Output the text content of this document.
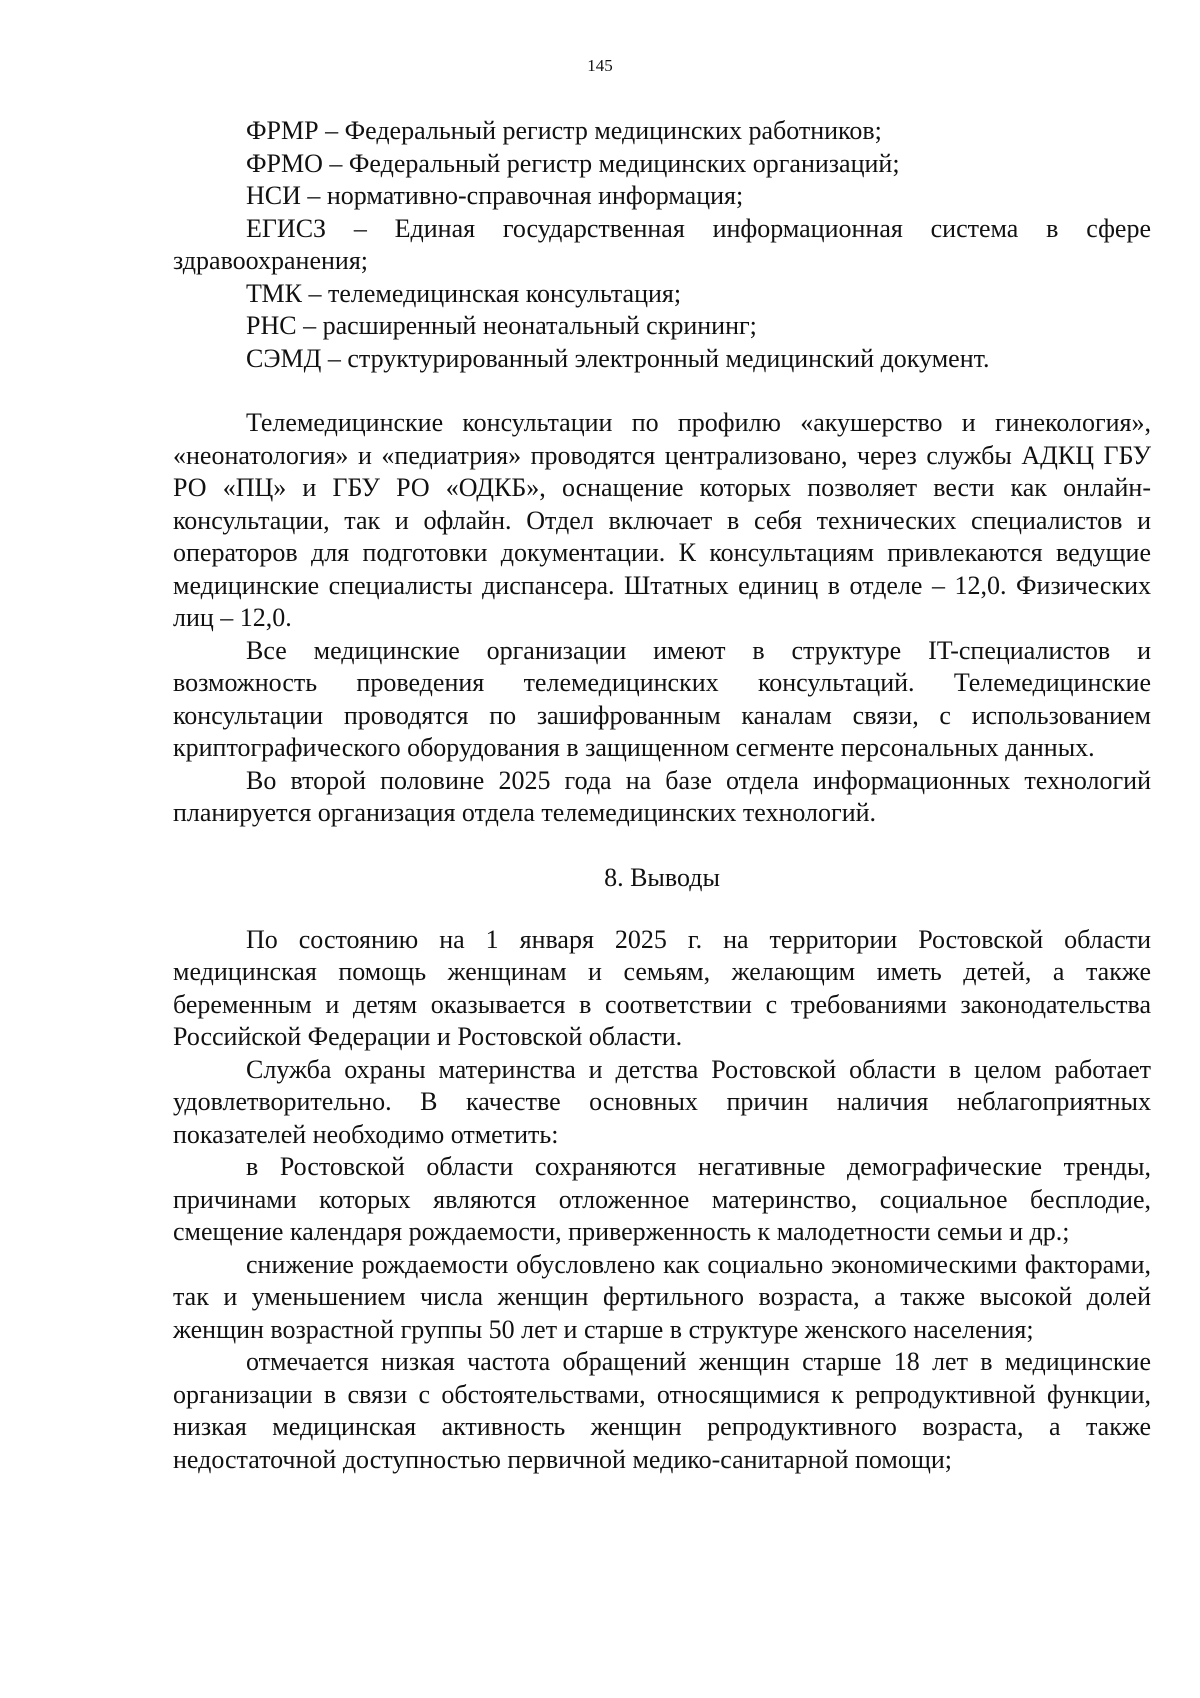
145

ФРМР – Федеральный регистр медицинских работников;

ФРМО – Федеральный регистр медицинских организаций;

НСИ – нормативно-справочная информация;

ЕГИСЗ – Единая государственная информационная система в сфере здравоохранения;

ТМК – телемедицинская консультация;

РНС – расширенный неонатальный скрининг;

СЭМД – структурированный электронный медицинский документ.

Телемедицинские консультации по профилю «акушерство и гинекология», «неонатология» и «педиатрия» проводятся централизовано, через службы АДКЦ ГБУ РО «ПЦ» и ГБУ РО «ОДКБ», оснащение которых позволяет вести как онлайн-консультации, так и офлайн. Отдел включает в себя технических специалистов и операторов для подготовки документации. К консультациям привлекаются ведущие медицинские специалисты диспансера. Штатных единиц в отделе – 12,0. Физических лиц – 12,0.

Все медицинские организации имеют в структуре IT-специалистов и возможность проведения телемедицинских консультаций. Телемедицинские консультации проводятся по зашифрованным каналам связи, с использованием криптографического оборудования в защищенном сегменте персональных данных.

Во второй половине 2025 года на базе отдела информационных технологий планируется организация отдела телемедицинских технологий.

8. Выводы

По состоянию на 1 января 2025 г. на территории Ростовской области медицинская помощь женщинам и семьям, желающим иметь детей, а также беременным и детям оказывается в соответствии с требованиями законодательства Российской Федерации и Ростовской области.

Служба охраны материнства и детства Ростовской области в целом работает удовлетворительно. В качестве основных причин наличия неблагоприятных показателей необходимо отметить:

в Ростовской области сохраняются негативные демографические тренды, причинами которых являются отложенное материнство, социальное бесплодие, смещение календаря рождаемости, приверженность к малодетности семьи и др.;

снижение рождаемости обусловлено как социально экономическими факторами, так и уменьшением числа женщин фертильного возраста, а также высокой долей женщин возрастной группы 50 лет и старше в структуре женского населения;

отмечается низкая частота обращений женщин старше 18 лет в медицинские организации в связи с обстоятельствами, относящимися к репродуктивной функции, низкая медицинская активность женщин репродуктивного возраста, а также недостаточной доступностью первичной медико-санитарной помощи;
